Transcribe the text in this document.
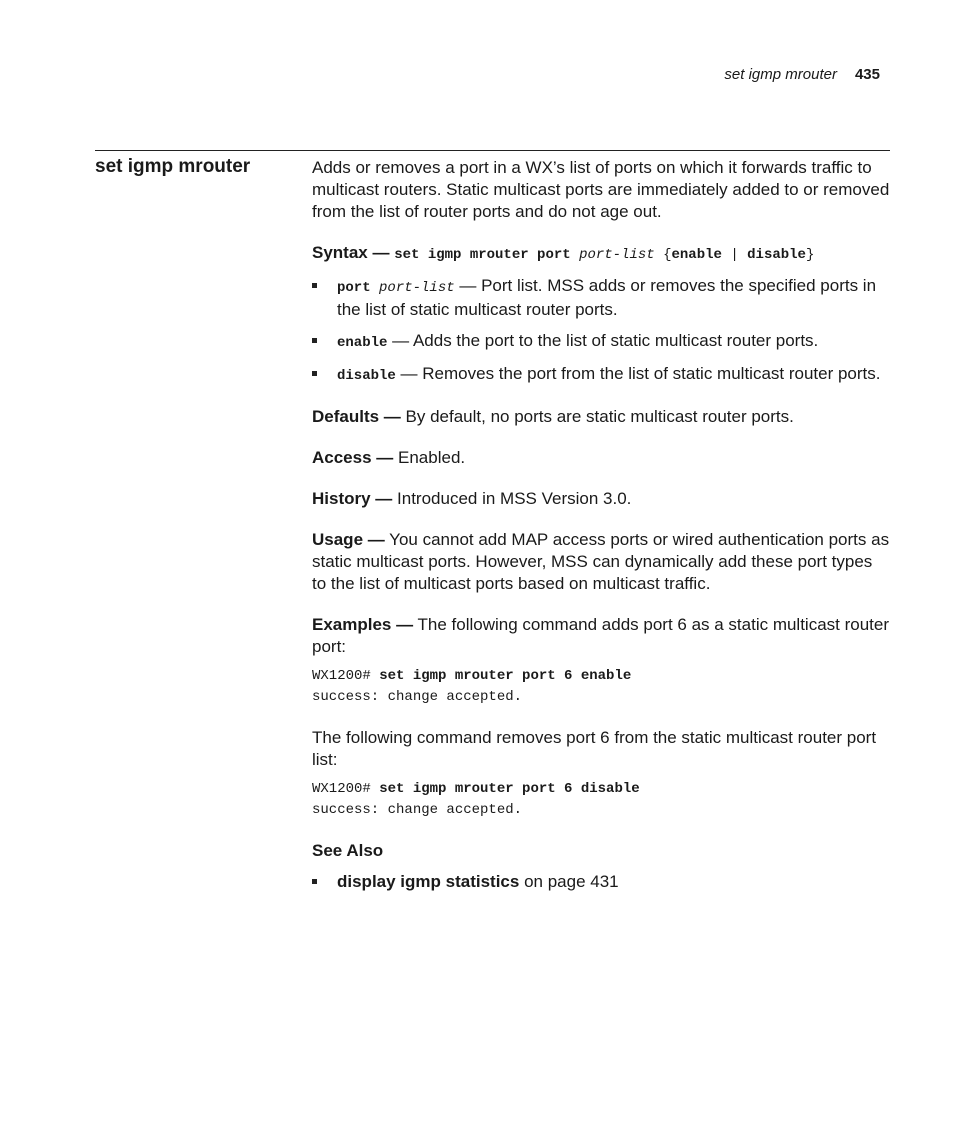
set igmp mrouter 435
set igmp mrouter	Adds or removes a port in a WX’s list of ports on which it forwards traffic to multicast routers. Static multicast ports are immediately added to or removed from the list of router ports and do not age out.

Syntax — set igmp mrouter port port-list {enable | disable}

port port-list — Port list. MSS adds or removes the specified ports in the list of static multicast router ports.
enable — Adds the port to the list of static multicast router ports.
disable — Removes the port from the list of static multicast router ports.

Defaults — By default, no ports are static multicast router ports.

Access — Enabled.

History — Introduced in MSS Version 3.0.

Usage — You cannot add MAP access ports or wired authentication ports as static multicast ports. However, MSS can dynamically add these port types to the list of multicast ports based on multicast traffic.

Examples — The following command adds port 6 as a static multicast router port:

WX1200# set igmp mrouter port 6 enable
success: change accepted.

The following command removes port 6 from the static multicast router port list:

WX1200# set igmp mrouter port 6 disable
success: change accepted.

See Also

display igmp statistics on page 431
